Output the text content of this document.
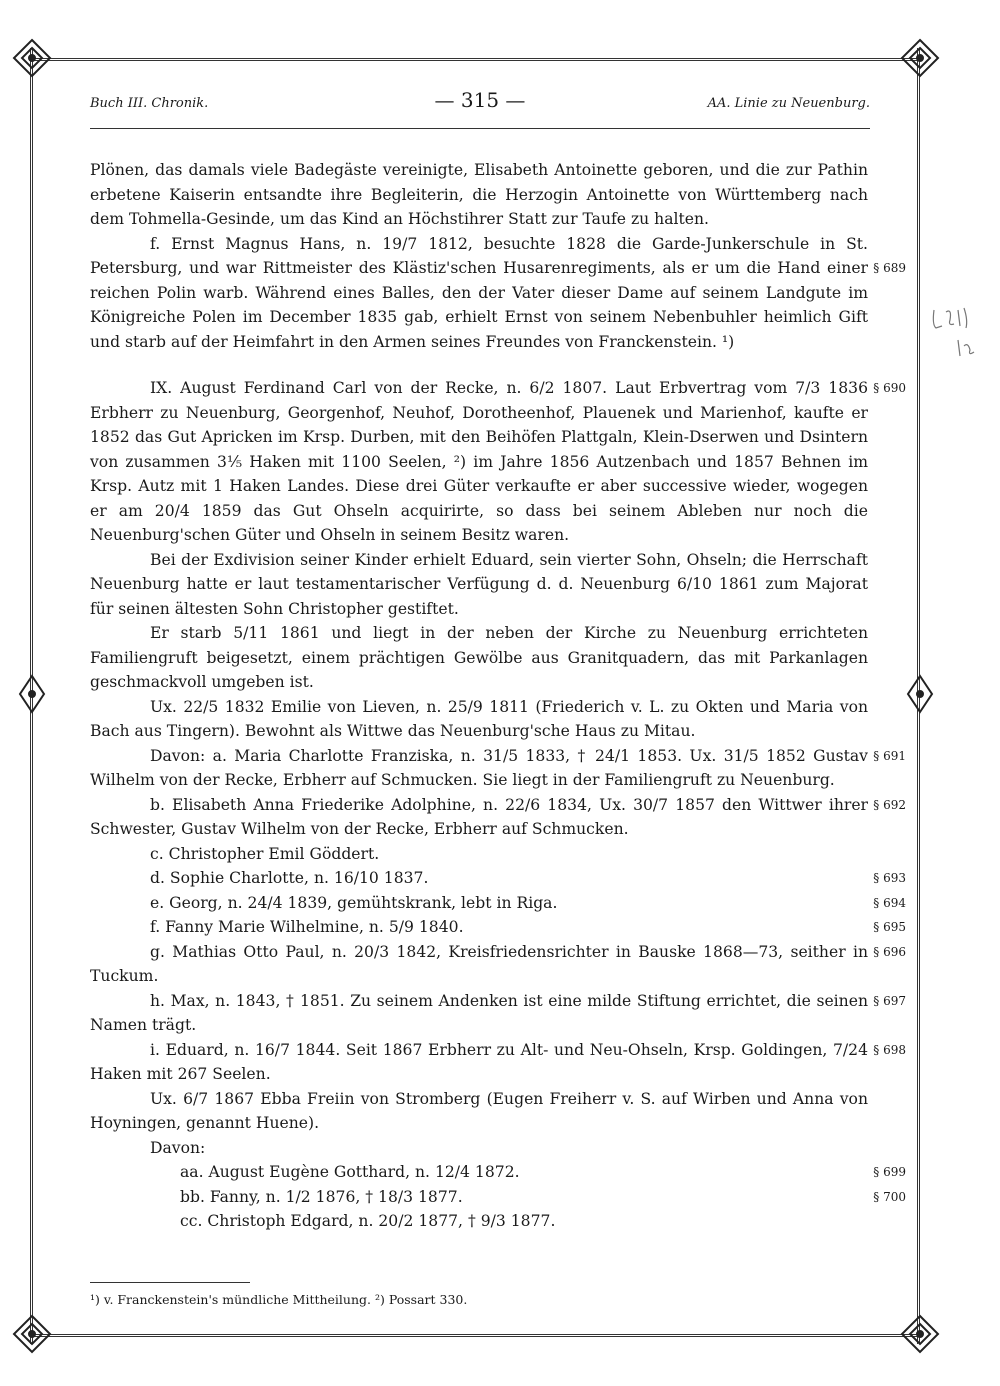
Buch III. Chronik.	— 315 —	AA. Linie zu Neuenburg.

Plönen, das damals viele Badegäste vereinigte, Elisabeth Antoinette geboren, und die zur Pathin erbetene Kaiserin entsandte ihre Begleiterin, die Herzogin Antoinette von Württemberg nach dem Tohmella-Gesinde, um das Kind an Höchstihrer Statt zur Taufe zu halten.

f. Ernst Magnus Hans, n. 19/7 1812, besuchte 1828 die Garde-Junkerschule in St. Petersburg, und war Rittmeister des Klästiz'schen Husarenregiments, als er um die Hand einer reichen Polin warb. Während eines Balles, den der Vater dieser Dame auf seinem Landgute im Königreiche Polen im December 1835 gab, erhielt Ernst von seinem Nebenbuhler heimlich Gift und starb auf der Heimfahrt in den Armen seines Freundes von Franckenstein. ¹)
§ 689

IX. August Ferdinand Carl von der Recke, n. 6/2 1807. Laut Erbvertrag vom 7/3 1836 Erbherr zu Neuenburg, Georgenhof, Neuhof, Dorotheenhof, Plauenek und Marienhof, kaufte er 1852 das Gut Apricken im Krsp. Durben, mit den Beihöfen Plattgaln, Klein-Dserwen und Dsintern von zusammen 3⅕ Haken mit 1100 Seelen, ²) im Jahre 1856 Autzenbach und 1857 Behnen im Krsp. Autz mit 1 Haken Landes. Diese drei Güter verkaufte er aber successive wieder, wogegen er am 20/4 1859 das Gut Ohseln acquirirte, so dass bei seinem Ableben nur noch die Neuenburg'schen Güter und Ohseln in seinem Besitz waren.
§ 690

Bei der Exdivision seiner Kinder erhielt Eduard, sein vierter Sohn, Ohseln; die Herrschaft Neuenburg hatte er laut testamentarischer Verfügung d. d. Neuenburg 6/10 1861 zum Majorat für seinen ältesten Sohn Christopher gestiftet.

Er starb 5/11 1861 und liegt in der neben der Kirche zu Neuenburg errichteten Familiengruft beigesetzt, einem prächtigen Gewölbe aus Granitquadern, das mit Parkanlagen geschmackvoll umgeben ist.

Ux. 22/5 1832 Emilie von Lieven, n. 25/9 1811 (Friederich v. L. zu Okten und Maria von Bach aus Tingern). Bewohnt als Wittwe das Neuenburg'sche Haus zu Mitau.

Davon: a. Maria Charlotte Franziska, n. 31/5 1833, † 24/1 1853. Ux. 31/5 1852 Gustav Wilhelm von der Recke, Erbherr auf Schmucken. Sie liegt in der Familiengruft zu Neuenburg.
§ 691

b. Elisabeth Anna Friederike Adolphine, n. 22/6 1834, Ux. 30/7 1857 den Wittwer ihrer Schwester, Gustav Wilhelm von der Recke, Erbherr auf Schmucken.
§ 692

c. Christopher Emil Göddert.

d. Sophie Charlotte, n. 16/10 1837.	§ 693

e. Georg, n. 24/4 1839, gemühtskrank, lebt in Riga.	§ 694

f. Fanny Marie Wilhelmine, n. 5/9 1840.	§ 695

g. Mathias Otto Paul, n. 20/3 1842, Kreisfriedensrichter in Bauske 1868—73, seither in Tuckum.
§ 696

h. Max, n. 1843, † 1851. Zu seinem Andenken ist eine milde Stiftung errichtet, die seinen Namen trägt.
§ 697

i. Eduard, n. 16/7 1844. Seit 1867 Erbherr zu Alt- und Neu-Ohseln, Krsp. Goldingen, 7/24 Haken mit 267 Seelen.
§ 698

Ux. 6/7 1867 Ebba Freiin von Stromberg (Eugen Freiherr v. S. auf Wirben und Anna von Hoyningen, genannt Huene).

Davon:

aa. August Eugène Gotthard, n. 12/4 1872.	§ 699

bb. Fanny, n. 1/2 1876, † 18/3 1877.	§ 700

cc. Christoph Edgard, n. 20/2 1877, † 9/3 1877.

¹) v. Franckenstein's mündliche Mittheilung. ²) Possart 330.
